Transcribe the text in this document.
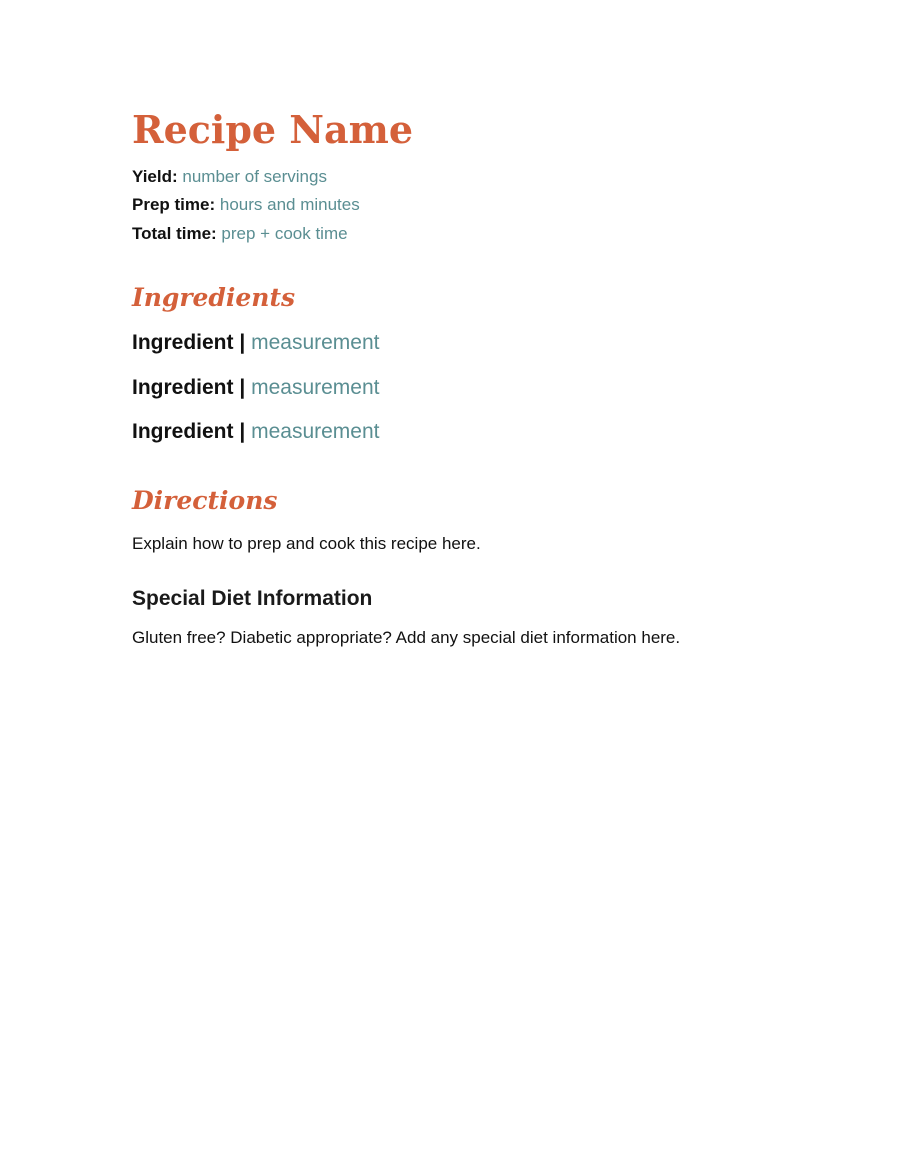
Recipe Name
Yield: number of servings
Prep time: hours and minutes
Total time: prep + cook time
Ingredients
Ingredient | measurement
Ingredient | measurement
Ingredient | measurement
Directions
Explain how to prep and cook this recipe here.
Special Diet Information
Gluten free? Diabetic appropriate? Add any special diet information here.
